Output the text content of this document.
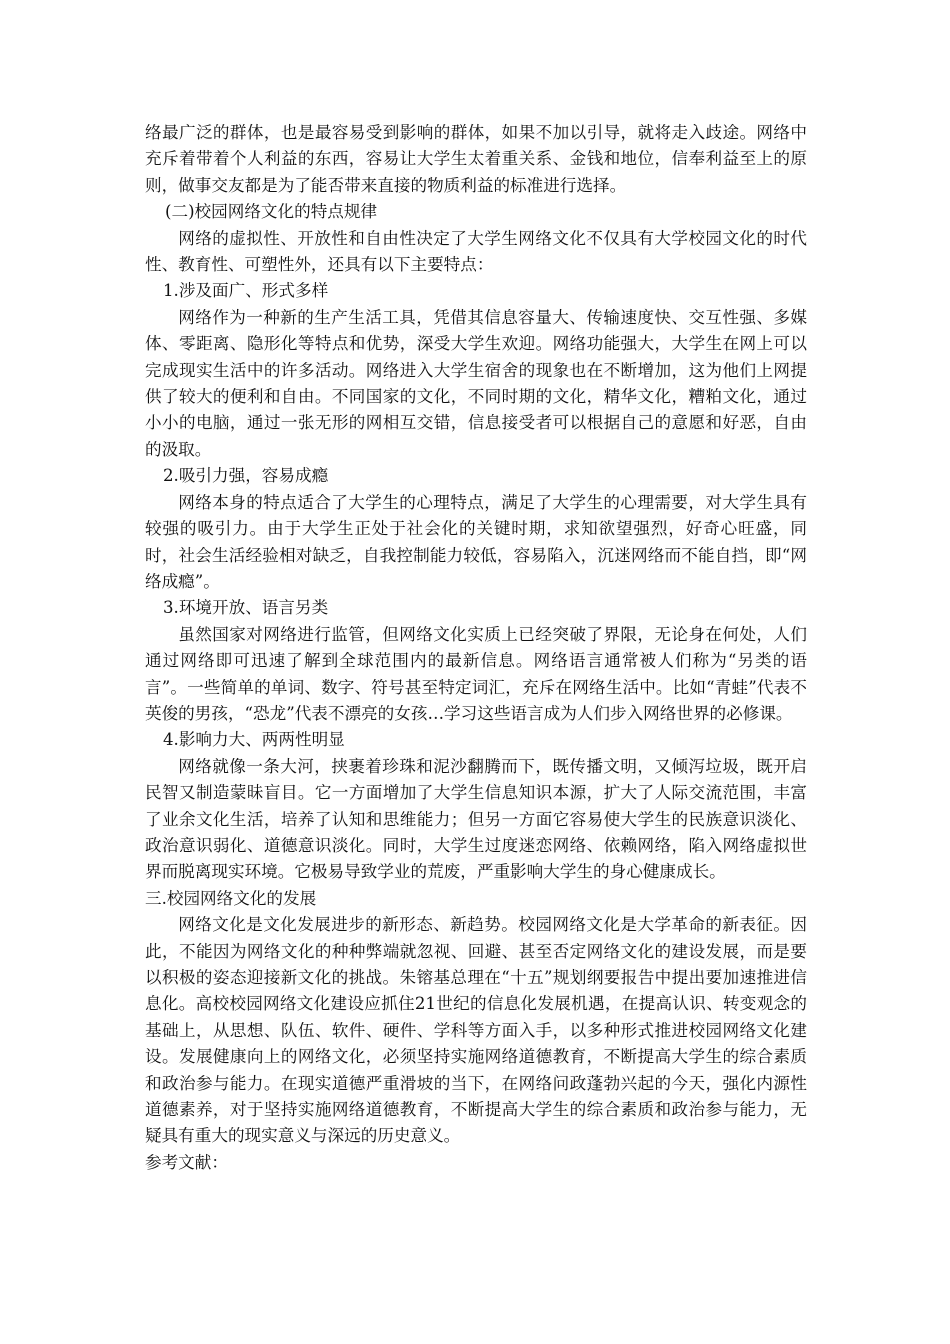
络最广泛的群体，也是最容易受到影响的群体，如果不加以引导，就将走入歧途。网络中充斥着带着个人利益的东西，容易让大学生太着重关系、金钱和地位，信奉利益至上的原则，做事交友都是为了能否带来直接的物质利益的标准进行选择。

(二)校园网络文化的特点规律

网络的虚拟性、开放性和自由性决定了大学生网络文化不仅具有大学校园文化的时代性、教育性、可塑性外，还具有以下主要特点：

1.涉及面广、形式多样

网络作为一种新的生产生活工具，凭借其信息容量大、传输速度快、交互性强、多媒体、零距离、隐形化等特点和优势，深受大学生欢迎。网络功能强大，大学生在网上可以完成现实生活中的许多活动。网络进入大学生宿舍的现象也在不断增加，这为他们上网提供了较大的便利和自由。不同国家的文化，不同时期的文化，精华文化，糟粕文化，通过小小的电脑，通过一张无形的网相互交错，信息接受者可以根据自己的意愿和好恶，自由的汲取。

2.吸引力强，容易成瘾

网络本身的特点适合了大学生的心理特点，满足了大学生的心理需要，对大学生具有较强的吸引力。由于大学生正处于社会化的关键时期，求知欲望强烈，好奇心旺盛，同时，社会生活经验相对缺乏，自我控制能力较低，容易陷入，沉迷网络而不能自挡，即“网络成瘾”。

3.环境开放、语言另类

虽然国家对网络进行监管，但网络文化实质上已经突破了界限，无论身在何处，人们通过网络即可迅速了解到全球范围内的最新信息。网络语言通常被人们称为“另类的语言”。一些简单的单词、数字、符号甚至特定词汇，充斥在网络生活中。比如“青蛙”代表不英俊的男孩，“恐龙”代表不漂亮的女孩…学习这些语言成为人们步入网络世界的必修课。

4.影响力大、两两性明显

网络就像一条大河，挟裹着珍珠和泥沙翻腾而下，既传播文明，又倾泻垃圾，既开启民智又制造蒙昧盲目。它一方面增加了大学生信息知识本源，扩大了人际交流范围，丰富了业余文化生活，培养了认知和思维能力；但另一方面它容易使大学生的民族意识淡化、政治意识弱化、道德意识淡化。同时，大学生过度迷恋网络、依赖网络，陷入网络虚拟世界而脱离现实环境。它极易导致学业的荒废，严重影响大学生的身心健康成长。

三.校园网络文化的发展

网络文化是文化发展进步的新形态、新趋势。校园网络文化是大学革命的新表征。因此，不能因为网络文化的种种弊端就忽视、回避、甚至否定网络文化的建设发展，而是要以积极的姿态迎接新文化的挑战。朱镕基总理在“十五”规划纲要报告中提出要加速推进信息化。高校校园网络文化建设应抓住21世纪的信息化发展机遇，在提高认识、转变观念的基础上，从思想、队伍、软件、硬件、学科等方面入手，以多种形式推进校园网络文化建设。发展健康向上的网络文化，必须坚持实施网络道德教育，不断提高大学生的综合素质和政治参与能力。在现实道德严重滑坡的当下，在网络问政蓬勃兴起的今天，强化内源性道德素养，对于坚持实施网络道德教育，不断提高大学生的综合素质和政治参与能力，无疑具有重大的现实意义与深远的历史意义。

参考文献：
